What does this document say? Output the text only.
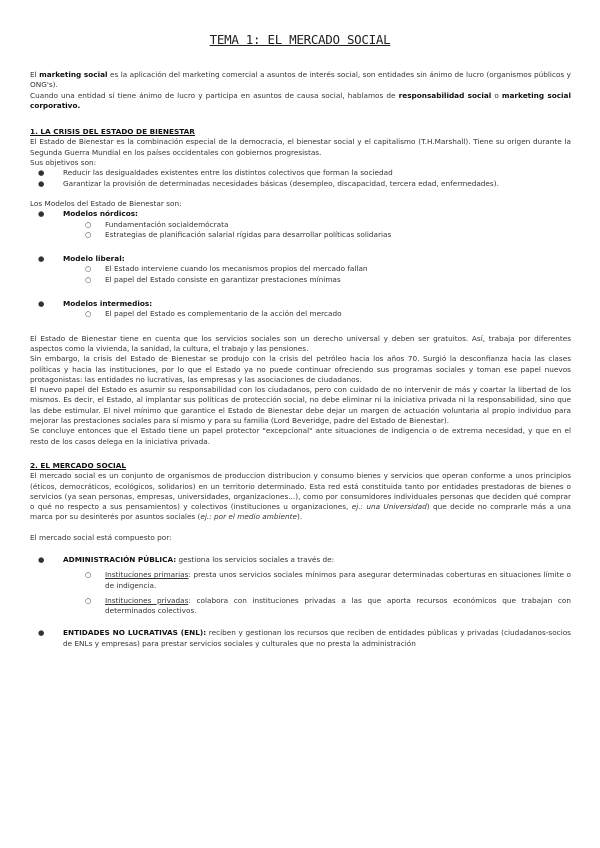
TEMA 1: EL MERCADO SOCIAL

El marketing social es la aplicación del marketing comercial a asuntos de interés social, son entidades sin ánimo de lucro (organismos públicos y ONG's).

Cuando una entidad sí tiene ánimo de lucro y participa en asuntos de causa social, hablamos de responsabilidad social o marketing social corporativo.

1. LA CRISIS DEL ESTADO DE BIENESTAR

El Estado de Bienestar es la combinación especial de la democracia, el bienestar social y el capitalismo (T.H.Marshall). Tiene su origen durante la Segunda Guerra Mundial en los países occidentales con gobiernos progresistas.

Sus objetivos son:

●	Reducir las desigualdades existentes entre los distintos colectivos que forman la sociedad
●	Garantizar la provisión de determinadas necesidades básicas (desempleo, discapacidad, tercera edad, enfermedades).

Los Modelos del Estado de Bienestar son:

●	Modelos nórdicos:
○ Fundamentación socialdemócrata
○ Estrategias de planificación salarial rígidas para desarrollar políticas solidarias
●	Modelo liberal:
○ El Estado interviene cuando los mecanismos propios del mercado fallan
○ El papel del Estado consiste en garantizar prestaciones mínimas
●	Modelos intermedios:
○ El papel del Estado es complementario de la acción del mercado

El Estado de Bienestar tiene en cuenta que los servicios sociales son un derecho universal y deben ser gratuitos. Así, trabaja por diferentes aspectos como la vivienda, la sanidad, la cultura, el trabajo y las pensiones.

Sin embargo, la crisis del Estado de Bienestar se produjo con la crisis del petróleo hacia los años 70. Surgió la desconfianza hacia las clases políticas y hacia las instituciones, por lo que el Estado ya no puede continuar ofreciendo sus programas sociales y toman ese papel nuevos protagonistas: las entidades no lucrativas, las empresas y las asociaciones de ciudadanos.

El nuevo papel del Estado es asumir su responsabilidad con los ciudadanos, pero con cuidado de no intervenir de más y coartar la libertad de los mismos. Es decir, el Estado, al implantar sus políticas de protección social, no debe eliminar ni la iniciativa privada ni la responsabilidad, sino que las debe estimular. El nivel mínimo que garantice el Estado de Bienestar debe dejar un margen de actuación voluntaria al propio individuo para mejorar las prestaciones sociales para sí mismo y para su familia (Lord Beveridge, padre del Estado de Bienestar).

Se concluye entonces que el Estado tiene un papel protector "excepcional" ante situaciones de indigencia o de extrema necesidad, y que en el resto de los casos delega en la iniciativa privada.

2. EL MERCADO SOCIAL

El mercado social es un conjunto de organismos de produccion distribucion y consumo bienes y servicios que operan conforme a unos principios (éticos, democráticos, ecológicos, solidarios) en un territorio determinado. Esta red está constituida tanto por entidades prestadoras de bienes o servicios (ya sean personas, empresas, universidades, organizaciones...), como por consumidores individuales personas que deciden qué comprar o qué no respecto a sus pensamientos) y colectivos (instituciones u organizaciones, ej.: una Universidad) que decide no comprarle más a una marca por su desinterés por asuntos sociales (ej.: por el medio ambiente).

El mercado social está compuesto por:

●	ADMINISTRACIÓN PÚBLICA: gestiona los servicios sociales a través de:
○ Instituciones primarias: presta unos servicios sociales mínimos para asegurar determinadas coberturas en situaciones límite o de indigencia.
○ Instituciones privadas: colabora con instituciones privadas a las que aporta recursos económicos que trabajan con determinados colectivos.
●	ENTIDADES NO LUCRATIVAS (ENL): reciben y gestionan los recursos que reciben de entidades públicas y privadas (ciudadanos-socios de ENLs y empresas) para prestar servicios sociales y culturales que no presta la administración
